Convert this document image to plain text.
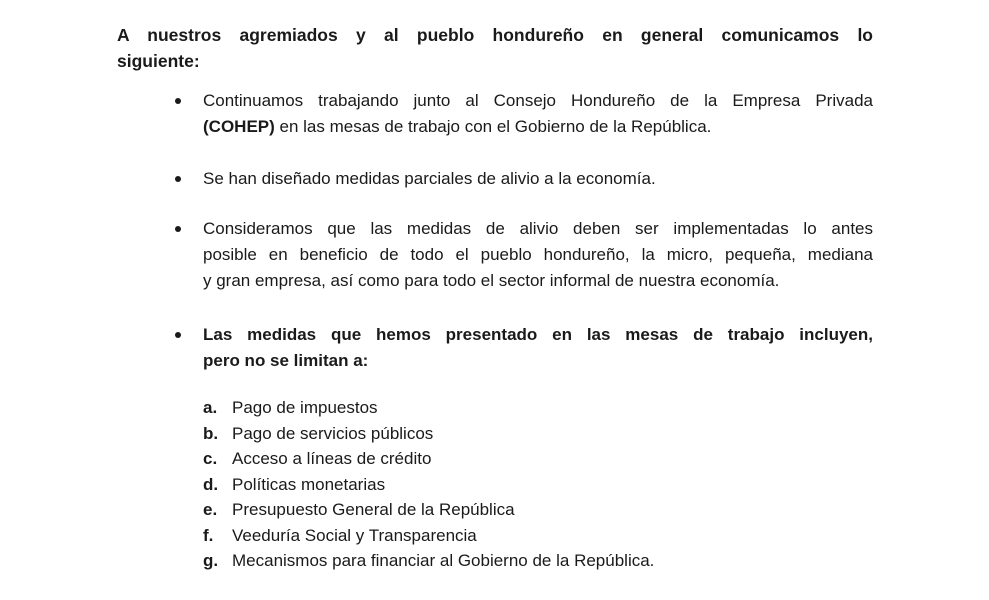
A nuestros agremiados y al pueblo hondureño en general comunicamos lo
siguiente:

Continuamos trabajando junto al Consejo Hondureño de la Empresa Privada
(COHEP) en las mesas de trabajo con el Gobierno de la República.

Se han diseñado medidas parciales de alivio a la economía.

Consideramos que las medidas de alivio deben ser implementadas lo antes
posible en beneficio de todo el pueblo hondureño, la micro, pequeña, mediana
y gran empresa, así como para todo el sector informal de nuestra economía.

Las medidas que hemos presentado en las mesas de trabajo incluyen,
pero no se limitan a:

a. Pago de impuestos
b. Pago de servicios públicos
c. Acceso a líneas de crédito
d. Políticas monetarias
e. Presupuesto General de la República
f. Veeduría Social y Transparencia
g. Mecanismos para financiar al Gobierno de la República.
